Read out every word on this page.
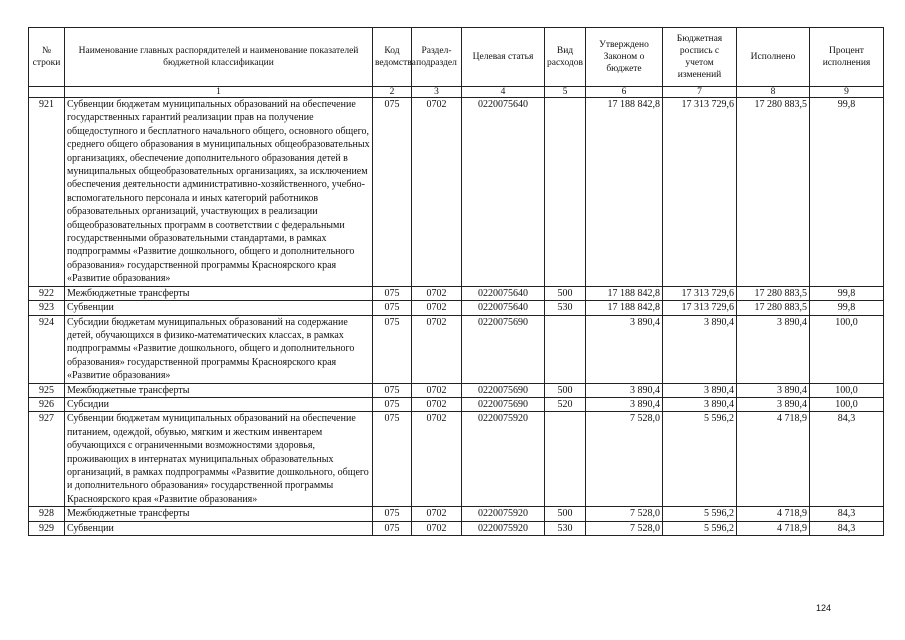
№ строки	Наименование главных распорядителей и наименование показателей бюджетной классификации	Код ведомства	Раздел-подраздел	Целевая статья	Вид расходов	Утверждено Законом о бюджете	Бюджетная роспись с учетом изменений	Исполнено	Процент исполнения
	1	2	3	4	5	6	7	8	9
921	Субвенции бюджетам муниципальных образований на обеспечение государственных гарантий реализации прав на получение общедоступного и бесплатного начального общего, основного общего, среднего общего образования в муниципальных общеобразовательных организациях, обеспечение дополнительного образования детей в муниципальных общеобразовательных организациях, за исключением обеспечения деятельности административно-хозяйственного, учебно-вспомогательного персонала и иных категорий работников образовательных организаций, участвующих в реализации общеобразовательных программ в соответствии с федеральными государственными образовательными стандартами, в рамках подпрограммы «Развитие дошкольного, общего и дополнительного образования» государственной программы Красноярского края «Развитие образования»	075	0702	0220075640		17 188 842,8	17 313 729,6	17 280 883,5	99,8
922	Межбюджетные трансферты	075	0702	0220075640	500	17 188 842,8	17 313 729,6	17 280 883,5	99,8
923	Субвенции	075	0702	0220075640	530	17 188 842,8	17 313 729,6	17 280 883,5	99,8
924	Субсидии бюджетам муниципальных образований на содержание детей, обучающихся в физико-математических классах, в рамках подпрограммы «Развитие дошкольного, общего и дополнительного образования» государственной программы Красноярского края «Развитие образования»	075	0702	0220075690		3 890,4	3 890,4	3 890,4	100,0
925	Межбюджетные трансферты	075	0702	0220075690	500	3 890,4	3 890,4	3 890,4	100,0
926	Субсидии	075	0702	0220075690	520	3 890,4	3 890,4	3 890,4	100,0
927	Субвенции бюджетам муниципальных образований на обеспечение питанием, одеждой, обувью, мягким и жестким инвентарем обучающихся с ограниченными возможностями здоровья, проживающих в интернатах муниципальных образовательных организаций, в рамках подпрограммы «Развитие дошкольного, общего и дополнительного образования» государственной программы Красноярского края «Развитие образования»	075	0702	0220075920		7 528,0	5 596,2	4 718,9	84,3
928	Межбюджетные трансферты	075	0702	0220075920	500	7 528,0	5 596,2	4 718,9	84,3
929	Субвенции	075	0702	0220075920	530	7 528,0	5 596,2	4 718,9	84,3
124
